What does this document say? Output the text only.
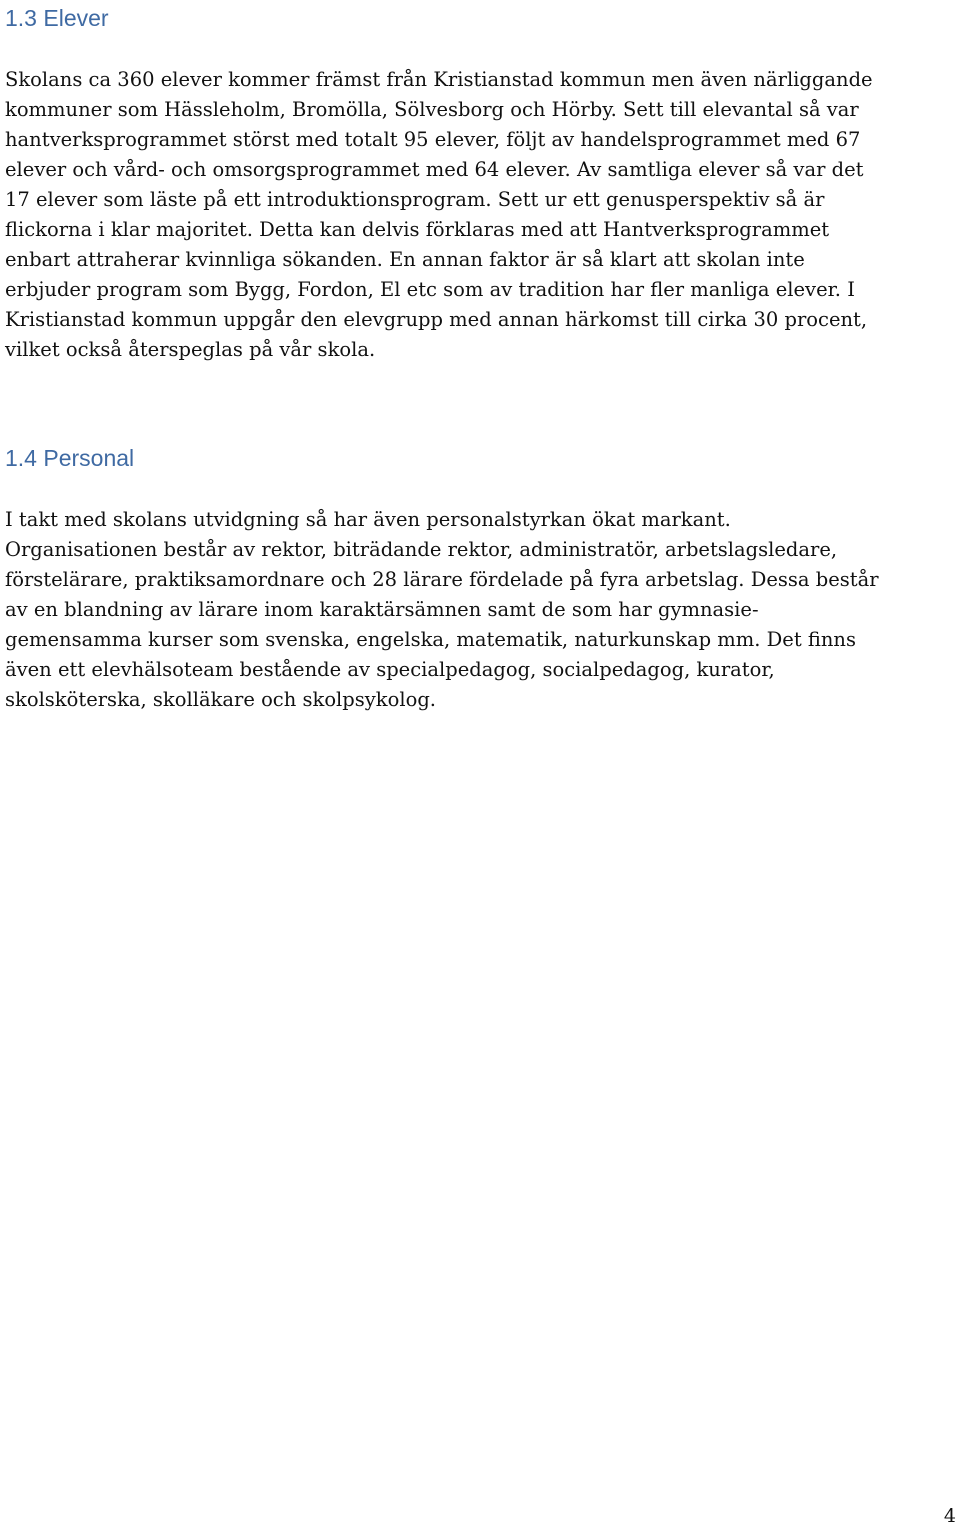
1.3 Elever

Skolans ca 360 elever kommer främst från Kristianstad kommun men även närliggande
kommuner som Hässleholm, Bromölla, Sölvesborg och Hörby. Sett till elevantal så var
hantverksprogrammet störst med totalt 95 elever, följt av handelsprogrammet med 67
elever och vård- och omsorgsprogrammet med 64 elever. Av samtliga elever så var det
17 elever som läste på ett introduktionsprogram. Sett ur ett genusperspektiv så är
flickorna i klar majoritet. Detta kan delvis förklaras med att Hantverksprogrammet
enbart attraherar kvinnliga sökanden. En annan faktor är så klart att skolan inte
erbjuder program som Bygg, Fordon, El etc som av tradition har fler manliga elever. I
Kristianstad kommun uppgår den elevgrupp med annan härkomst till cirka 30 procent,
vilket också återspeglas på vår skola.

1.4 Personal

I takt med skolans utvidgning så har även personalstyrkan ökat markant.
Organisationen består av rektor, biträdande rektor, administratör, arbetslagsledare,
förstelärare, praktiksamordnare och 28 lärare fördelade på fyra arbetslag. Dessa består
av en blandning av lärare inom karaktärsämnen samt de som har gymnasie-
gemensamma kurser som svenska, engelska, matematik, naturkunskap mm. Det finns
även ett elevhälsoteam bestående av specialpedagog, socialpedagog, kurator,
skolsköterska, skolläkare och skolpsykolog.

4
